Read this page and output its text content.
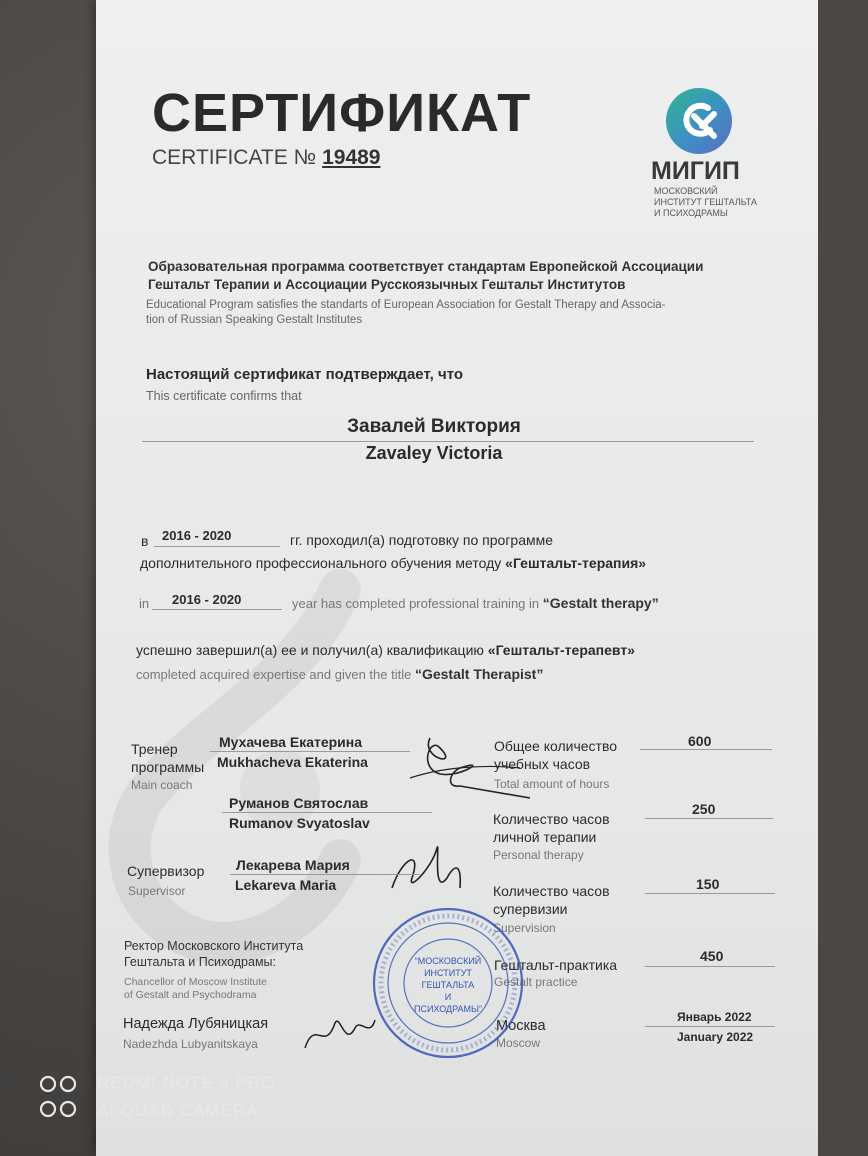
СЕРТИФИКАТ
CERTIFICATE № 19489	МИГИП
МОСКОВСКИЙ
ИНСТИТУТ ГЕШТАЛЬТА
И ПСИХОДРАМЫ
Образовательная программа соответствует стандартам Европейской Ассоциации
Гештальт Терапии и Ассоциации Русскоязычных Гештальт Институтов
Educational Program satisfies the standarts of European Association for Gestalt Therapy and Associa-
tion of Russian Speaking Gestalt Institutes
Настоящий сертификат подтверждает, что
This certificate confirms that
Завалей Виктория
Zavaley Victoria
в 2016 - 2020	гг. проходил(а) подготовку по программе
дополнительного профессионального обучения методу «Гештальт-терапия»
in 2016 - 2020	year has completed professional training in “Gestalt therapy”
успешно завершил(а) ее и получил(а) квалификацию «Гештальт-терапевт»
completed acquired expertise and given the title “Gestalt Therapist”
Тренер
программы
Main coach
Мухачева Екатерина
Mukhacheva Ekaterina
Руманов Святослав
Rumanov Svyatoslav
Супервизор
Supervisor
Лекарева Мария
Lekareva Maria
Ректор Московского Института
Гештальта и Психодрамы:
Chancellor of Moscow Institute
of Gestalt and Psychodrama
Надежда Лубяницкая
Nadezhda Lubyanitskaya
Общее количество
учебных часов
Total amount of hours
600
Количество часов
личной терапии
Personal therapy
250
Количество часов
супервизии
Supervision
150
Гештальт-практика
Gestalt practice
450
Москва
Moscow
Январь 2022
January 2022
“МОСКОВСКИЙ
ИНСТИТУТ
ГЕШТАЛЬТА
И
ПСИХОДРАМЫ”
REDMI NOTE 8 PRO
AI QUAD CAMERA
